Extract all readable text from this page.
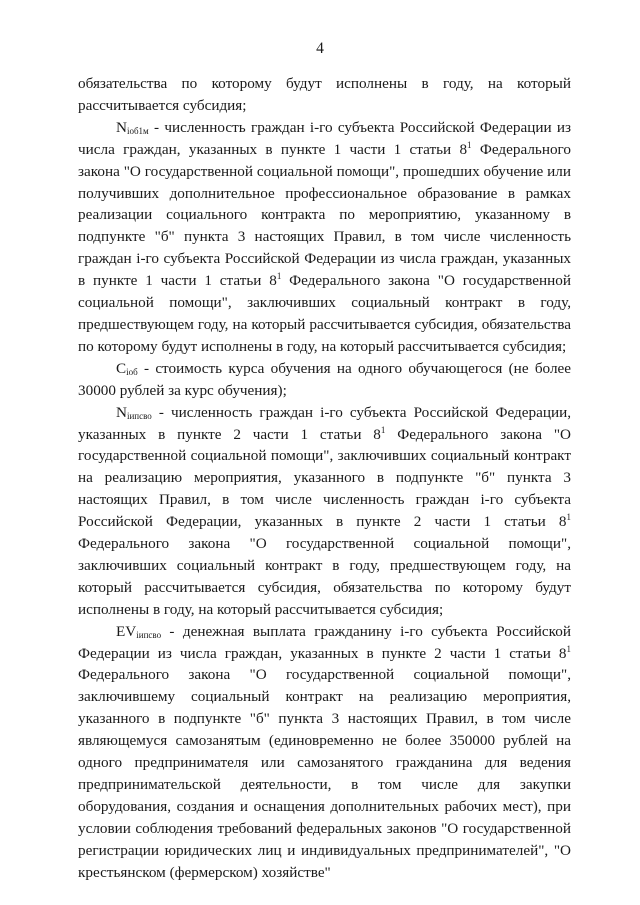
4

обязательства по которому будут исполнены в году, на который рассчитывается субсидия;

$N_{iоб1м}$ - численность граждан i-го субъекта Российской Федерации из числа граждан, указанных в пункте 1 части 1 статьи $8^1$ Федерального закона "О государственной социальной помощи", прошедших обучение или получивших дополнительное профессиональное образование в рамках реализации социального контракта по мероприятию, указанному в подпункте "б" пункта 3 настоящих Правил, в том числе численность граждан i-го субъекта Российской Федерации из числа граждан, указанных в пункте 1 части 1 статьи $8^1$ Федерального закона "О государственной социальной помощи", заключивших социальный контракт в году, предшествующем году, на который рассчитывается субсидия, обязательства по которому будут исполнены в году, на который рассчитывается субсидия;

$C_{iоб}$ - стоимость курса обучения на одного обучающегося (не более 30000 рублей за курс обучения);

$N_{iипсво}$ - численность граждан i-го субъекта Российской Федерации, указанных в пункте 2 части 1 статьи $8^1$ Федерального закона "О государственной социальной помощи", заключивших социальный контракт на реализацию мероприятия, указанного в подпункте "б" пункта 3 настоящих Правил, в том числе численность граждан i-го субъекта Российской Федерации, указанных в пункте 2 части 1 статьи $8^1$ Федерального закона "О государственной социальной помощи", заключивших социальный контракт в году, предшествующем году, на который рассчитывается субсидия, обязательства по которому будут исполнены в году, на который рассчитывается субсидия;

$EV_{iипсво}$ - денежная выплата гражданину i-го субъекта Российской Федерации из числа граждан, указанных в пункте 2 части 1 статьи $8^1$ Федерального закона "О государственной социальной помощи", заключившему социальный контракт на реализацию мероприятия, указанного в подпункте "б" пункта 3 настоящих Правил, в том числе являющемуся самозанятым (единовременно не более 350000 рублей на одного предпринимателя или самозанятого гражданина для ведения предпринимательской деятельности, в том числе для закупки оборудования, создания и оснащения дополнительных рабочих мест), при условии соблюдения требований федеральных законов "О государственной регистрации юридических лиц и индивидуальных предпринимателей", "О крестьянском (фермерском) хозяйстве"
